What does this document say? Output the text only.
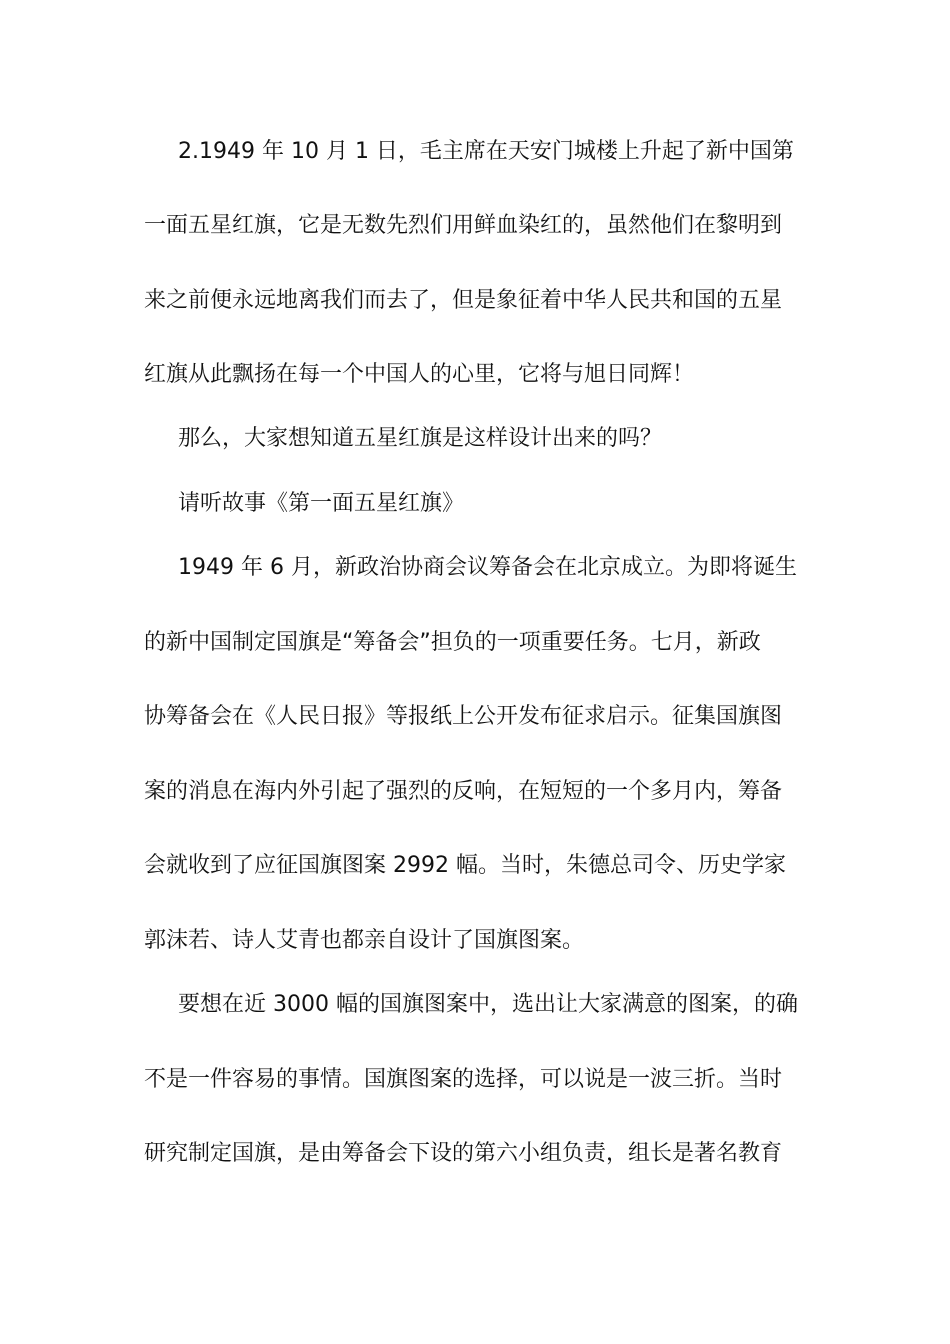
2.1949 年 10 月 1 日，毛主席在天安门城楼上升起了新中国第
一面五星红旗，它是无数先烈们用鲜血染红的，虽然他们在黎明到
来之前便永远地离我们而去了，但是象征着中华人民共和国的五星
红旗从此飘扬在每一个中国人的心里，它将与旭日同辉！
那么，大家想知道五星红旗是这样设计出来的吗？
请听故事《第一面五星红旗》
1949 年 6 月，新政治协商会议筹备会在北京成立。为即将诞生
的新中国制定国旗是“筹备会”担负的一项重要任务。七月，新政
协筹备会在《人民日报》等报纸上公开发布征求启示。征集国旗图
案的消息在海内外引起了强烈的反响，在短短的一个多月内，筹备
会就收到了应征国旗图案 2992 幅。当时，朱德总司令、历史学家
郭沫若、诗人艾青也都亲自设计了国旗图案。
要想在近 3000 幅的国旗图案中，选出让大家满意的图案，的确
不是一件容易的事情。国旗图案的选择，可以说是一波三折。当时
研究制定国旗，是由筹备会下设的第六小组负责，组长是著名教育
